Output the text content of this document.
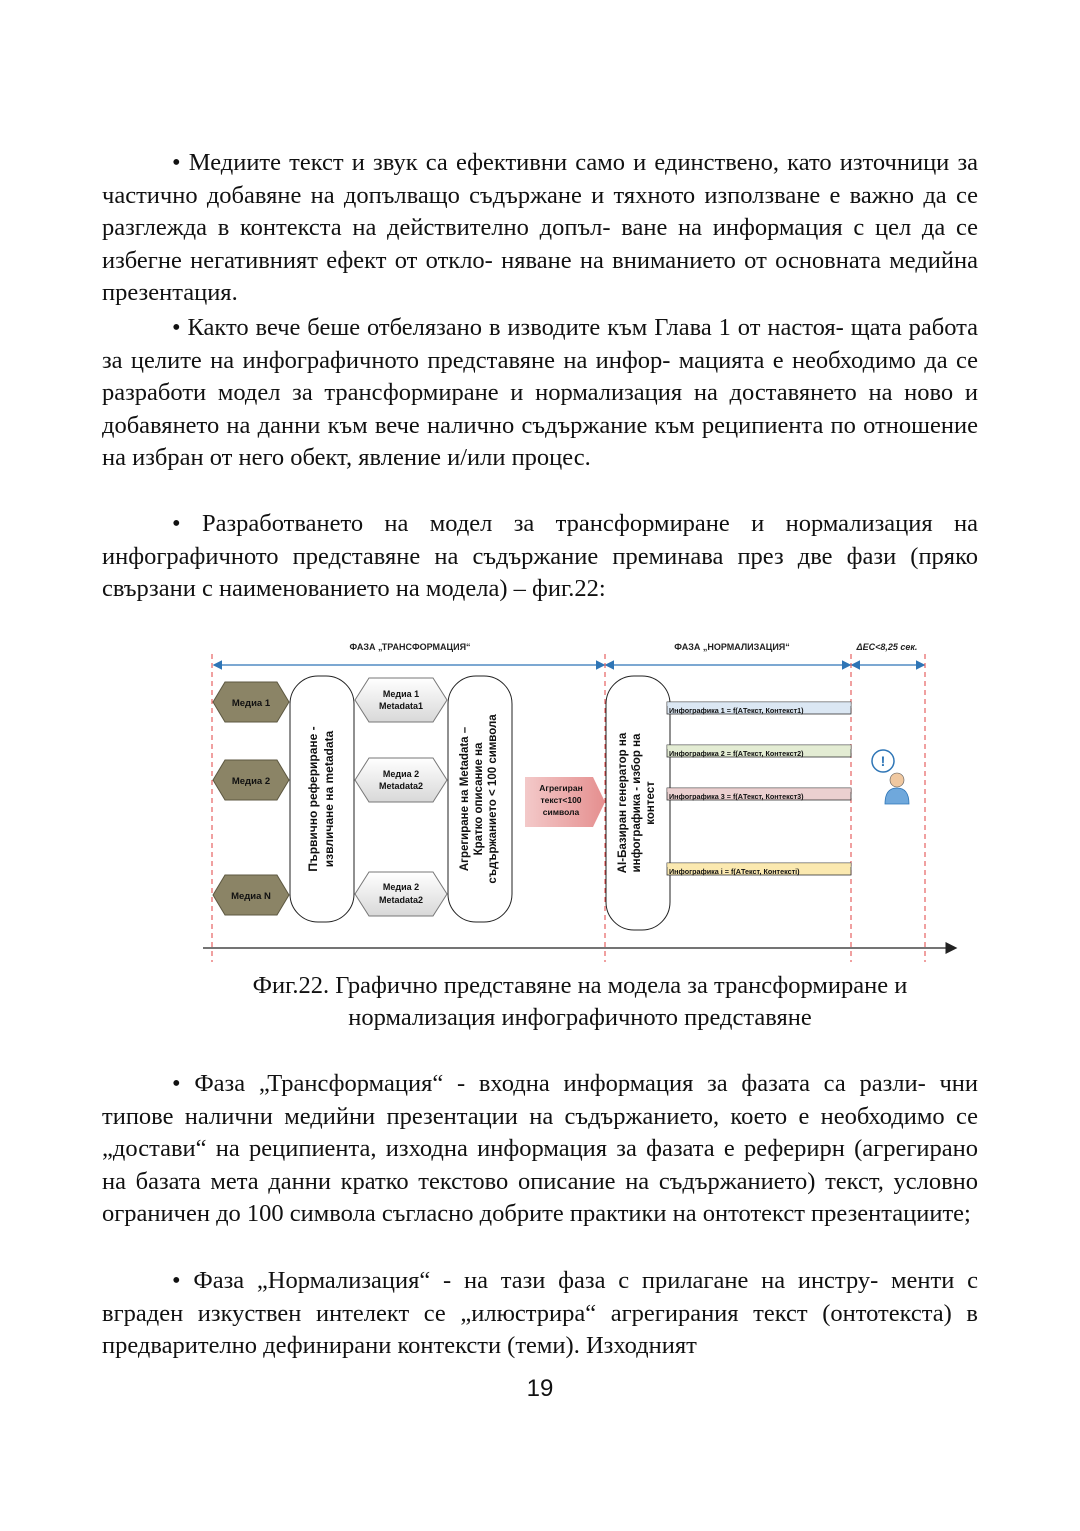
• Медиите текст и звук са ефективни само и единствено, като източници за частично добавяне на допълващо съдържане и тяхното използване е важно да се разглежда в контекста на действително допъл- ване на информация с цел да се избегне негативният ефект от откло- няване на вниманието от основната медийна презентация.

• Както вече беше отбелязано в изводите към Глава 1 от настоя- щата работа за целите на инфографичното представяне на инфор- мацията е необходимо да се разработи модел за трансформиране и нормализация на доставянето на ново и добавянето на данни към вече налично съдържание към реципиента по отношение на избран от него обект, явление и/или процес.

• Разработването на модел за трансформиране и нормализация на инфографичното представяне на съдържание преминава през две фази (пряко свързани с наименованието на модела) – фиг.22:

ФАЗА „ТРАНСФОРМАЦИЯ“	ФАЗА „НОРМАЛИЗАЦИЯ“	ΔEC<8,25 сек.
Медиа 1
Медиа 2
Медиа N
Първично рефериране - извличане на metadata
Медиа 1
Metadata1
Медиа 2
Metadata2
Медиа 2
Metadata2
Агрегиране на Metadata – Кратко описание на съдържанието < 100 символа	Агрегиран
текст<100
символа	AI-Базиран генератор на инфографика - избор на контест
Инфографика 1 = f(AТекст, Контекст1)
Инфографика 2 = f(AТекст, Контекст2)
Инфографика 3 = f(AТекст, Контекст3)
Инфографика i = f(AТекст, Контекстi)
!

Фиг.22. Графично представяне на модела за трансформиране и
нормализация инфографичното представяне

• Фаза „Трансформация“ - входна информация за фазата са разли- чни типове налични медийни презентации на съдържанието, което е необходимо се „достави“ на реципиента, изходна информация за фазата е реферирн (агрегирано на базата мета данни кратко текстово описание на съдържанието) текст, условно ограничен до 100 символа съгласно добрите практики на онтотекст презентациите;

• Фаза „Нормализация“ - на тази фаза с прилагане на инстру- менти с вграден изкуствен интелект се „илюстрира“ агрегирания текст (онтотекста) в предварително дефинирани контексти (теми). Изходният

19
